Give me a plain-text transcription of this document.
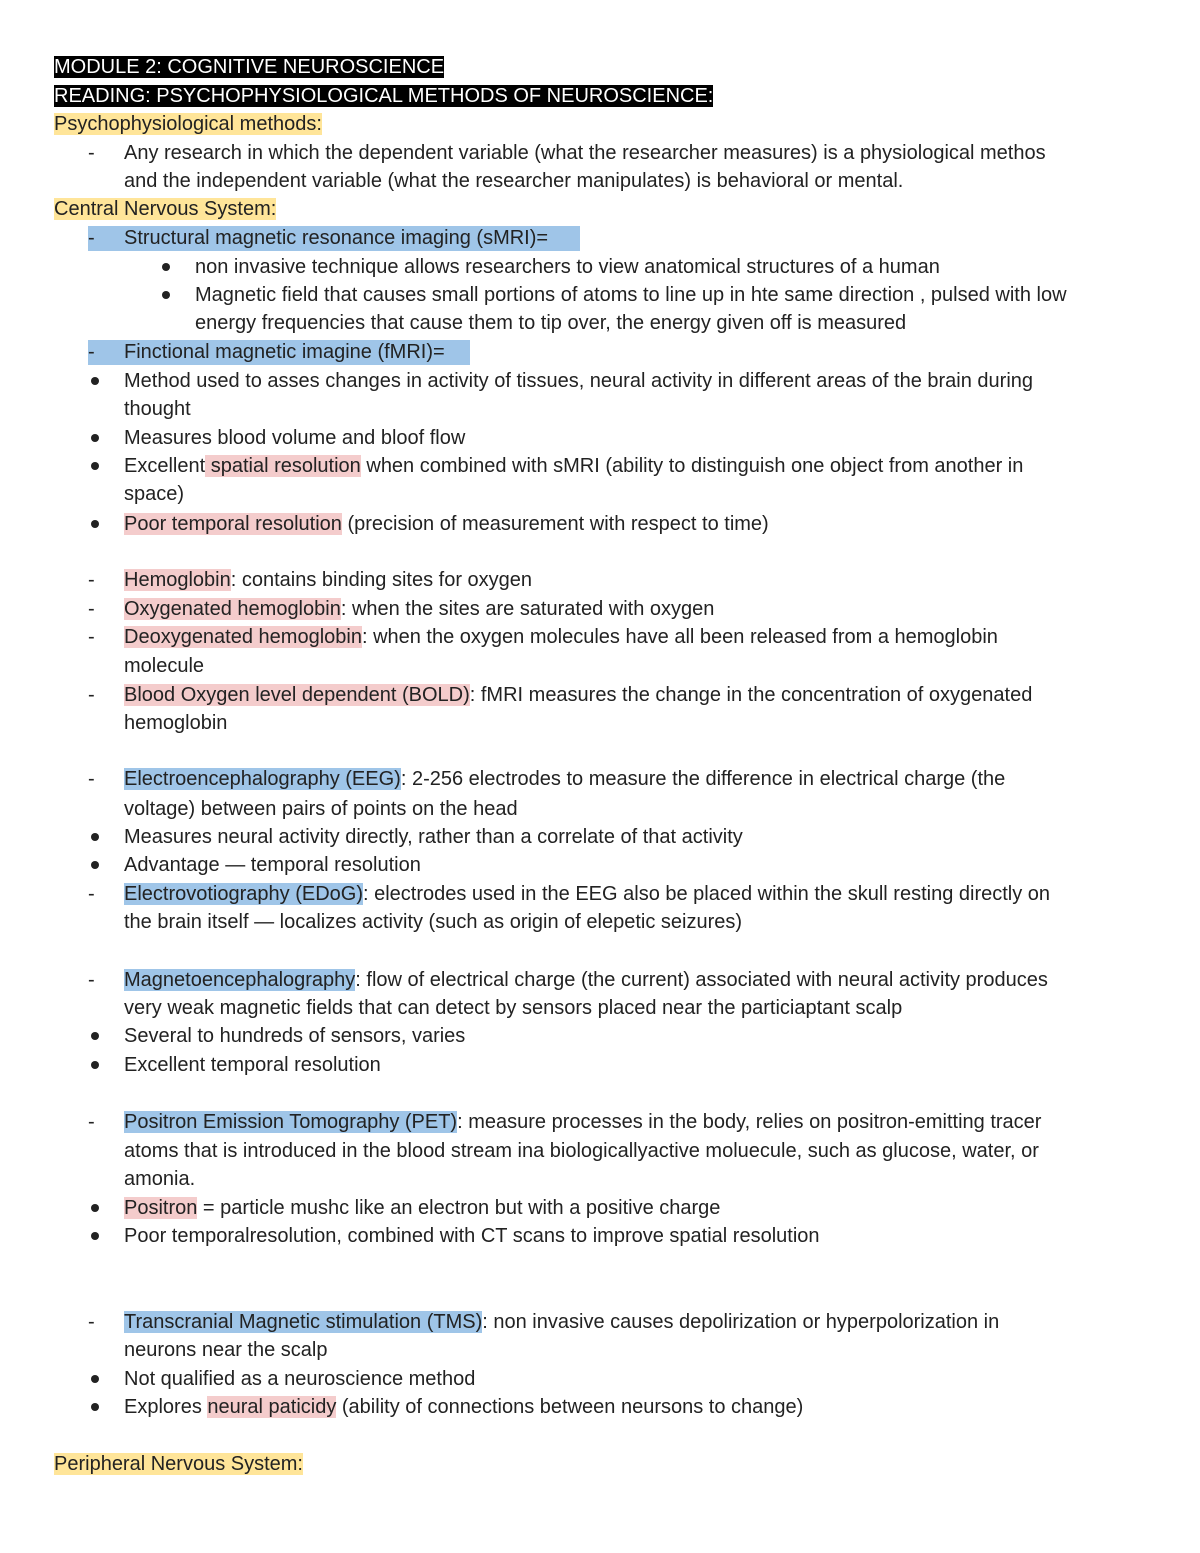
MODULE 2: COGNITIVE NEUROSCIENCE
READING: PSYCHOPHYSIOLOGICAL METHODS OF NEUROSCIENCE:
Psychophysiological methods:
- Any research in which the dependent variable (what the researcher measures) is a physiological methos
and the independent variable (what the researcher manipulates) is behavioral or mental.
Central Nervous System:
- Structural magnetic resonance imaging (sMRI)=
non invasive technique allows researchers to view anatomical structures of a human
Magnetic field that causes small portions of atoms to line up in hte same direction , pulsed with low
energy frequencies that cause them to tip over, the energy given off is measured
- Finctional magnetic imagine (fMRI)=
Method used to asses changes in activity of tissues, neural activity in different areas of the brain during
thought
Measures blood volume and bloof flow
Excellent spatial resolution when combined with sMRI (ability to distinguish one object from another in
space)
Poor temporal resolution (precision of measurement with respect to time)
- Hemoglobin: contains binding sites for oxygen
- Oxygenated hemoglobin: when the sites are saturated with oxygen
- Deoxygenated hemoglobin: when the oxygen molecules have all been released from a hemoglobin
molecule
- Blood Oxygen level dependent (BOLD): fMRI measures the change in the concentration of oxygenated
hemoglobin
- Electroencephalography (EEG): 2-256 electrodes to measure the difference in electrical charge (the
voltage) between pairs of points on the head
Measures neural activity directly, rather than a correlate of that activity
Advantage — temporal resolution
- Electrovotiography (EDoG): electrodes used in the EEG also be placed within the skull resting directly on
the brain itself — localizes activity (such as origin of elepetic seizures)
- Magnetoencephalography: flow of electrical charge (the current) associated with neural activity produces
very weak magnetic fields that can detect by sensors placed near the particiaptant scalp
Several to hundreds of sensors, varies
Excellent temporal resolution
- Positron Emission Tomography (PET): measure processes in the body, relies on positron-emitting tracer
atoms that is introduced in the blood stream ina biologicallyactive moluecule, such as glucose, water, or
amonia.
Positron = particle mushc like an electron but with a positive charge
Poor temporalresolution, combined with CT scans to improve spatial resolution
- Transcranial Magnetic stimulation (TMS): non invasive causes depolirization or hyperpolorization in
neurons near the scalp
Not qualified as a neuroscience method
Explores neural paticidy (ability of connections between neursons to change)
Peripheral Nervous System:
